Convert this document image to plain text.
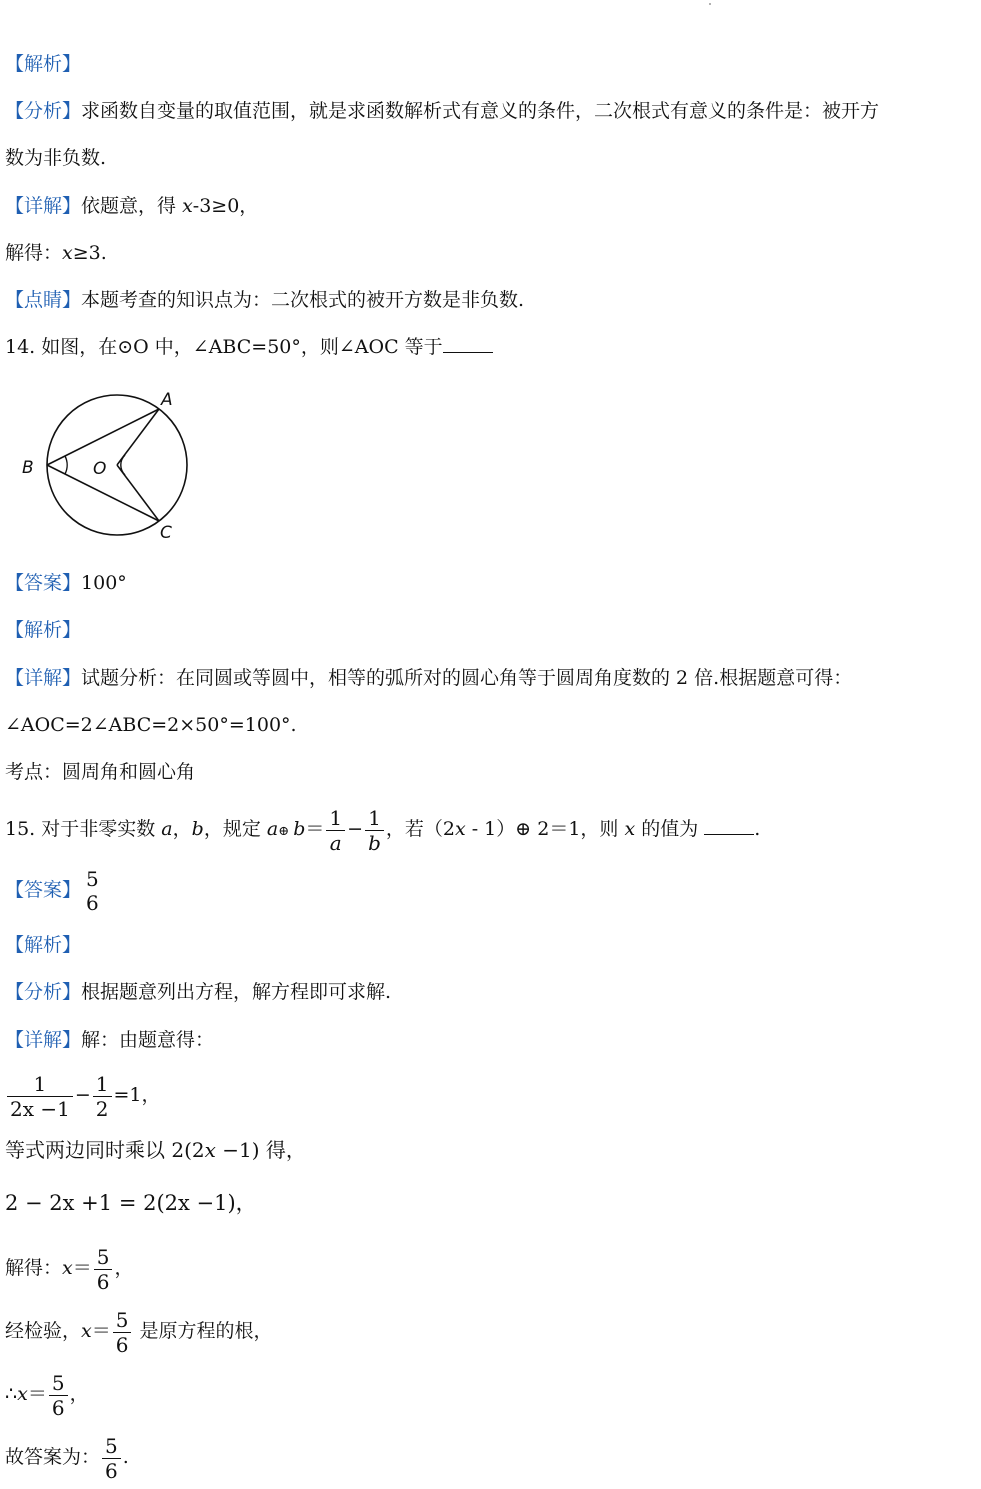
【解析】
【分析】求函数自变量的取值范围，就是求函数解析式有意义的条件，二次根式有意义的条件是：被开方
数为非负数.
【详解】依题意，得 x-3≥0，
解得：x≥3.
【点睛】本题考查的知识点为：二次根式的被开方数是非负数.
14. 如图，在⊙O 中，∠ABC=50°，则∠AOC 等于
A
B	O
C
【答案】100°
【解析】
【详解】试题分析：在同圆或等圆中，相等的弧所对的圆心角等于圆周角度数的 2 倍.根据题意可得：
∠AOC=2∠ABC=2×50°=100°.
考点：圆周角和圆心角
15. 对于非零实数 a，b，规定 a⊕ $b= \frac{1}{a} - \frac{1}{b}$ ，若（2x - 1）⊕ 2＝1，则 x 的值为	.
【答案】 5
6
【解析】
【分析】根据题意列出方程，解方程即可求解.
【详解】解：由题意得：
$\frac{1}{2x -1} - \frac{1}{2} =1$，
等式两边同时乘以 2(2x −1) 得，
2 − 2x +1 = 2(2x −1)，
解得：$x= \frac{5}{6}$ ，
经检验，$x= \frac{5}{6}$ 是原方程的根，
∴x＝ $\frac{5}{6}$ ，
故答案为： $\frac{5}{6}$ .
